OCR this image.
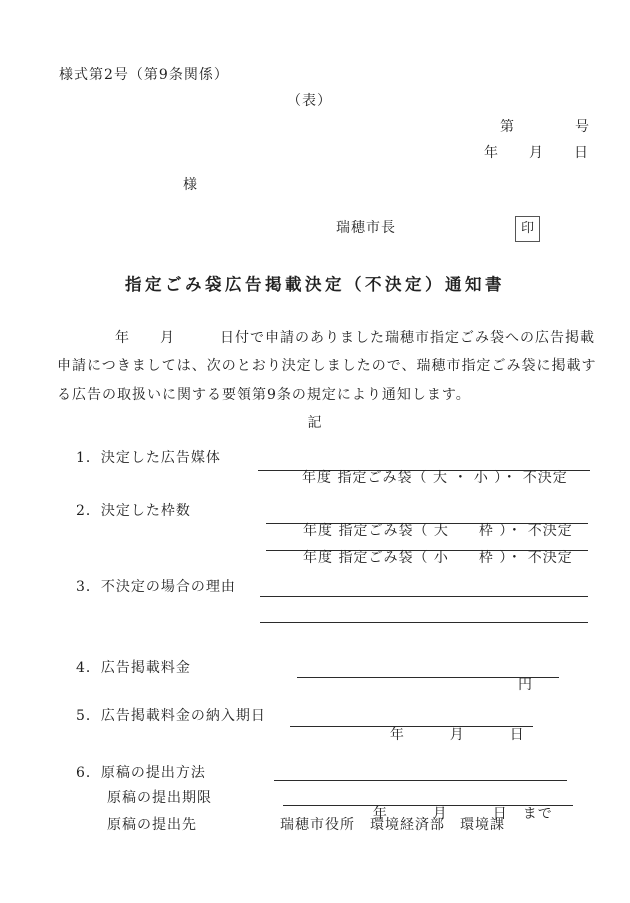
様式第2号（第9条関係）
（表）
第　　　　号
年　　月　　日
様
瑞穂市長	印
指定ごみ袋広告掲載決定（不決定）通知書
年　　月　　　日付で申請のありました瑞穂市指定ごみ袋への広告掲載
申請につきましては、次のとおり決定しましたので、瑞穂市指定ごみ袋に掲載す
る広告の取扱いに関する要領第9条の規定により通知します。
記
1．決定した広告媒体

年度 指定ごみ袋（ 大 ・ 小 ）・ 不決定

2．決定した枠数

年度 指定ごみ袋（ 大　　枠 ）・ 不決定

年度 指定ごみ袋（ 小　　枠 ）・ 不決定

3．不決定の場合の理由
4．広告掲載料金

円

5．広告掲載料金の納入期日

年　　　月　　　日

6．原稿の提出方法
原稿の提出期限

年　　　月　　　日　まで

原稿の提出先	瑞穂市役所　環境経済部　環境課
